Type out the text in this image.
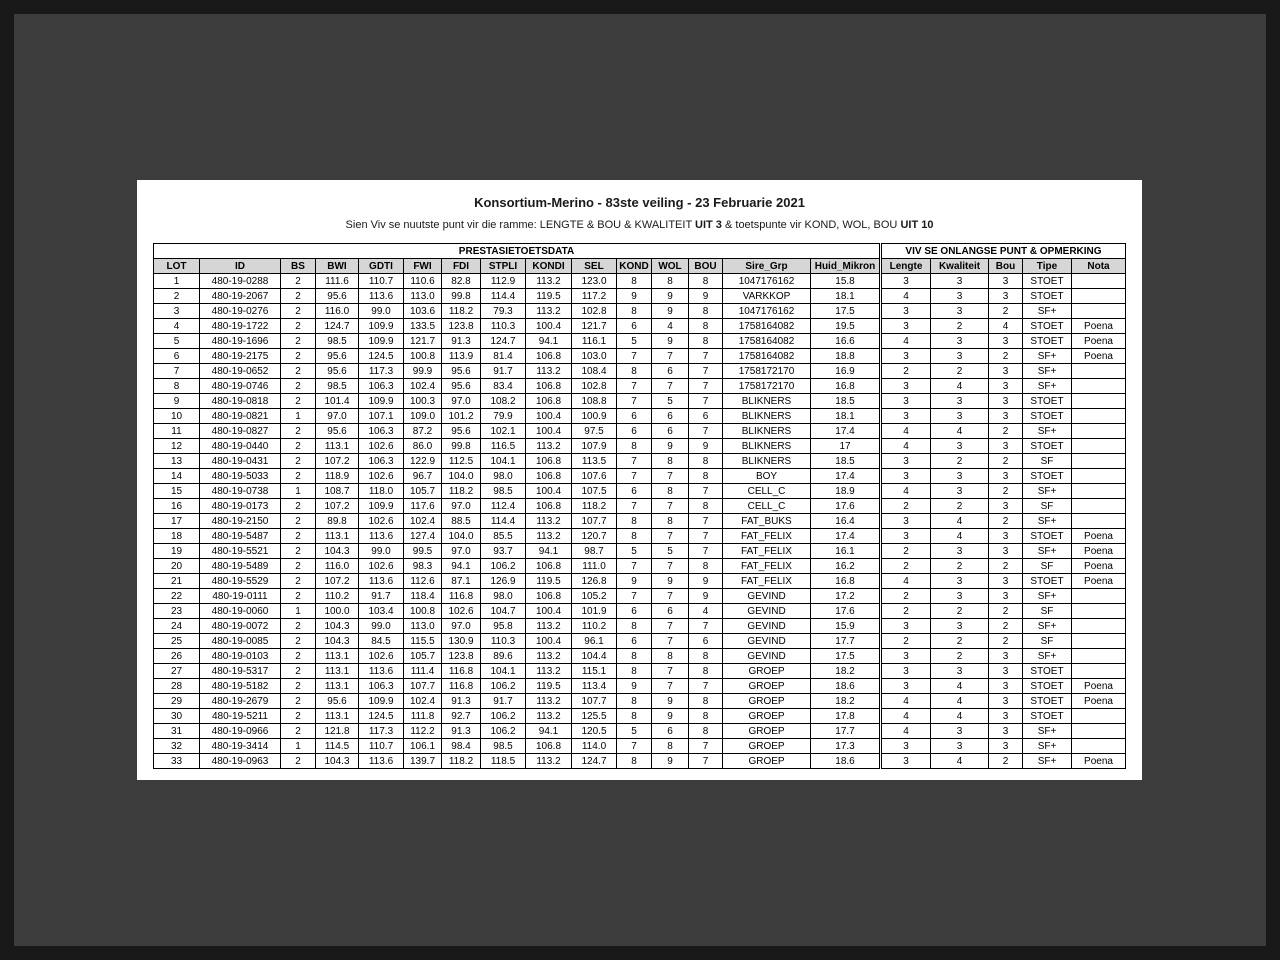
Konsortium-Merino - 83ste veiling - 23 Februarie 2021
Sien Viv se nuutste punt vir die ramme: LENGTE & BOU & KWALITEIT UIT 3 & toetspunte vir KOND, WOL, BOU UIT 10
PRESTASIETOETSDATA															VIV SE ONLANGSE PUNT & OPMERKING				
LOT	ID	BS	BWI	GDTI	FWI	FDI	STPLI	KONDI	SEL	KOND	WOL	BOU	Sire_Grp	Huid_Mikron	Lengte	Kwaliteit	Bou	Tipe	Nota
1	480-19-0288	2	111.6	110.7	110.6	82.8	112.9	113.2	123.0	8	8	8	1047176162	15.8	3	3	3	STOET	
2	480-19-2067	2	95.6	113.6	113.0	99.8	114.4	119.5	117.2	9	9	9	VARKKOP	18.1	4	3	3	STOET	
3	480-19-0276	2	116.0	99.0	103.6	118.2	79.3	113.2	102.8	8	9	8	1047176162	17.5	3	3	2	SF+	
4	480-19-1722	2	124.7	109.9	133.5	123.8	110.3	100.4	121.7	6	4	8	1758164082	19.5	3	2	4	STOET	Poena
5	480-19-1696	2	98.5	109.9	121.7	91.3	124.7	94.1	116.1	5	9	8	1758164082	16.6	4	3	3	STOET	Poena
6	480-19-2175	2	95.6	124.5	100.8	113.9	81.4	106.8	103.0	7	7	7	1758164082	18.8	3	3	2	SF+	Poena
7	480-19-0652	2	95.6	117.3	99.9	95.6	91.7	113.2	108.4	8	6	7	1758172170	16.9	2	2	3	SF+	
8	480-19-0746	2	98.5	106.3	102.4	95.6	83.4	106.8	102.8	7	7	7	1758172170	16.8	3	4	3	SF+	
9	480-19-0818	2	101.4	109.9	100.3	97.0	108.2	106.8	108.8	7	5	7	BLIKNERS	18.5	3	3	3	STOET	
10	480-19-0821	1	97.0	107.1	109.0	101.2	79.9	100.4	100.9	6	6	6	BLIKNERS	18.1	3	3	3	STOET	
11	480-19-0827	2	95.6	106.3	87.2	95.6	102.1	100.4	97.5	6	6	7	BLIKNERS	17.4	4	4	2	SF+	
12	480-19-0440	2	113.1	102.6	86.0	99.8	116.5	113.2	107.9	8	9	9	BLIKNERS	17	4	3	3	STOET	
13	480-19-0431	2	107.2	106.3	122.9	112.5	104.1	106.8	113.5	7	8	8	BLIKNERS	18.5	3	2	2	SF	
14	480-19-5033	2	118.9	102.6	96.7	104.0	98.0	106.8	107.6	7	7	8	BOY	17.4	3	3	3	STOET	
15	480-19-0738	1	108.7	118.0	105.7	118.2	98.5	100.4	107.5	6	8	7	CELL_C	18.9	4	3	2	SF+	
16	480-19-0173	2	107.2	109.9	117.6	97.0	112.4	106.8	118.2	7	7	8	CELL_C	17.6	2	2	3	SF	
17	480-19-2150	2	89.8	102.6	102.4	88.5	114.4	113.2	107.7	8	8	7	FAT_BUKS	16.4	3	4	2	SF+	
18	480-19-5487	2	113.1	113.6	127.4	104.0	85.5	113.2	120.7	8	7	7	FAT_FELIX	17.4	3	4	3	STOET	Poena
19	480-19-5521	2	104.3	99.0	99.5	97.0	93.7	94.1	98.7	5	5	7	FAT_FELIX	16.1	2	3	3	SF+	Poena
20	480-19-5489	2	116.0	102.6	98.3	94.1	106.2	106.8	111.0	7	7	8	FAT_FELIX	16.2	2	2	2	SF	Poena
21	480-19-5529	2	107.2	113.6	112.6	87.1	126.9	119.5	126.8	9	9	9	FAT_FELIX	16.8	4	3	3	STOET	Poena
22	480-19-0111	2	110.2	91.7	118.4	116.8	98.0	106.8	105.2	7	7	9	GEVIND	17.2	2	3	3	SF+	
23	480-19-0060	1	100.0	103.4	100.8	102.6	104.7	100.4	101.9	6	6	4	GEVIND	17.6	2	2	2	SF	
24	480-19-0072	2	104.3	99.0	113.0	97.0	95.8	113.2	110.2	8	7	7	GEVIND	15.9	3	3	2	SF+	
25	480-19-0085	2	104.3	84.5	115.5	130.9	110.3	100.4	96.1	6	7	6	GEVIND	17.7	2	2	2	SF	
26	480-19-0103	2	113.1	102.6	105.7	123.8	89.6	113.2	104.4	8	8	8	GEVIND	17.5	3	2	3	SF+	
27	480-19-5317	2	113.1	113.6	111.4	116.8	104.1	113.2	115.1	8	7	8	GROEP	18.2	3	3	3	STOET	
28	480-19-5182	2	113.1	106.3	107.7	116.8	106.2	119.5	113.4	9	7	7	GROEP	18.6	3	4	3	STOET	Poena
29	480-19-2679	2	95.6	109.9	102.4	91.3	91.7	113.2	107.7	8	9	8	GROEP	18.2	4	4	3	STOET	Poena
30	480-19-5211	2	113.1	124.5	111.8	92.7	106.2	113.2	125.5	8	9	8	GROEP	17.8	4	4	3	STOET	
31	480-19-0966	2	121.8	117.3	112.2	91.3	106.2	94.1	120.5	5	6	8	GROEP	17.7	4	3	3	SF+	
32	480-19-3414	1	114.5	110.7	106.1	98.4	98.5	106.8	114.0	7	8	7	GROEP	17.3	3	3	3	SF+	
33	480-19-0963	2	104.3	113.6	139.7	118.2	118.5	113.2	124.7	8	9	7	GROEP	18.6	3	4	2	SF+	Poena
